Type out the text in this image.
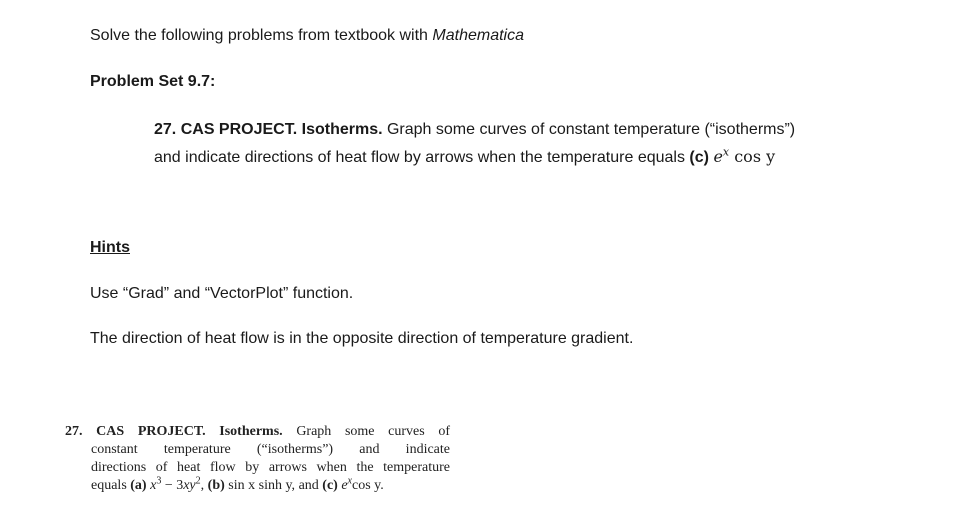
Solve the following problems from textbook with Mathematica
Problem Set 9.7:
27. CAS PROJECT. Isotherms. Graph some curves of constant temperature (“isotherms”)
and indicate directions of heat flow by arrows when the temperature equals (c) $e^x$ cos y
Hints
Use “Grad” and “VectorPlot” function.
The direction of heat flow is in the opposite direction of temperature gradient.
27. CAS PROJECT. Isotherms. Graph some curves of
constant temperature (“isotherms”) and indicate
directions of heat flow by arrows when the temperature
equals (a) $x^3 - 3xy^2$, (b) sin x sinh y, and (c) $e^x\cos$ y.
